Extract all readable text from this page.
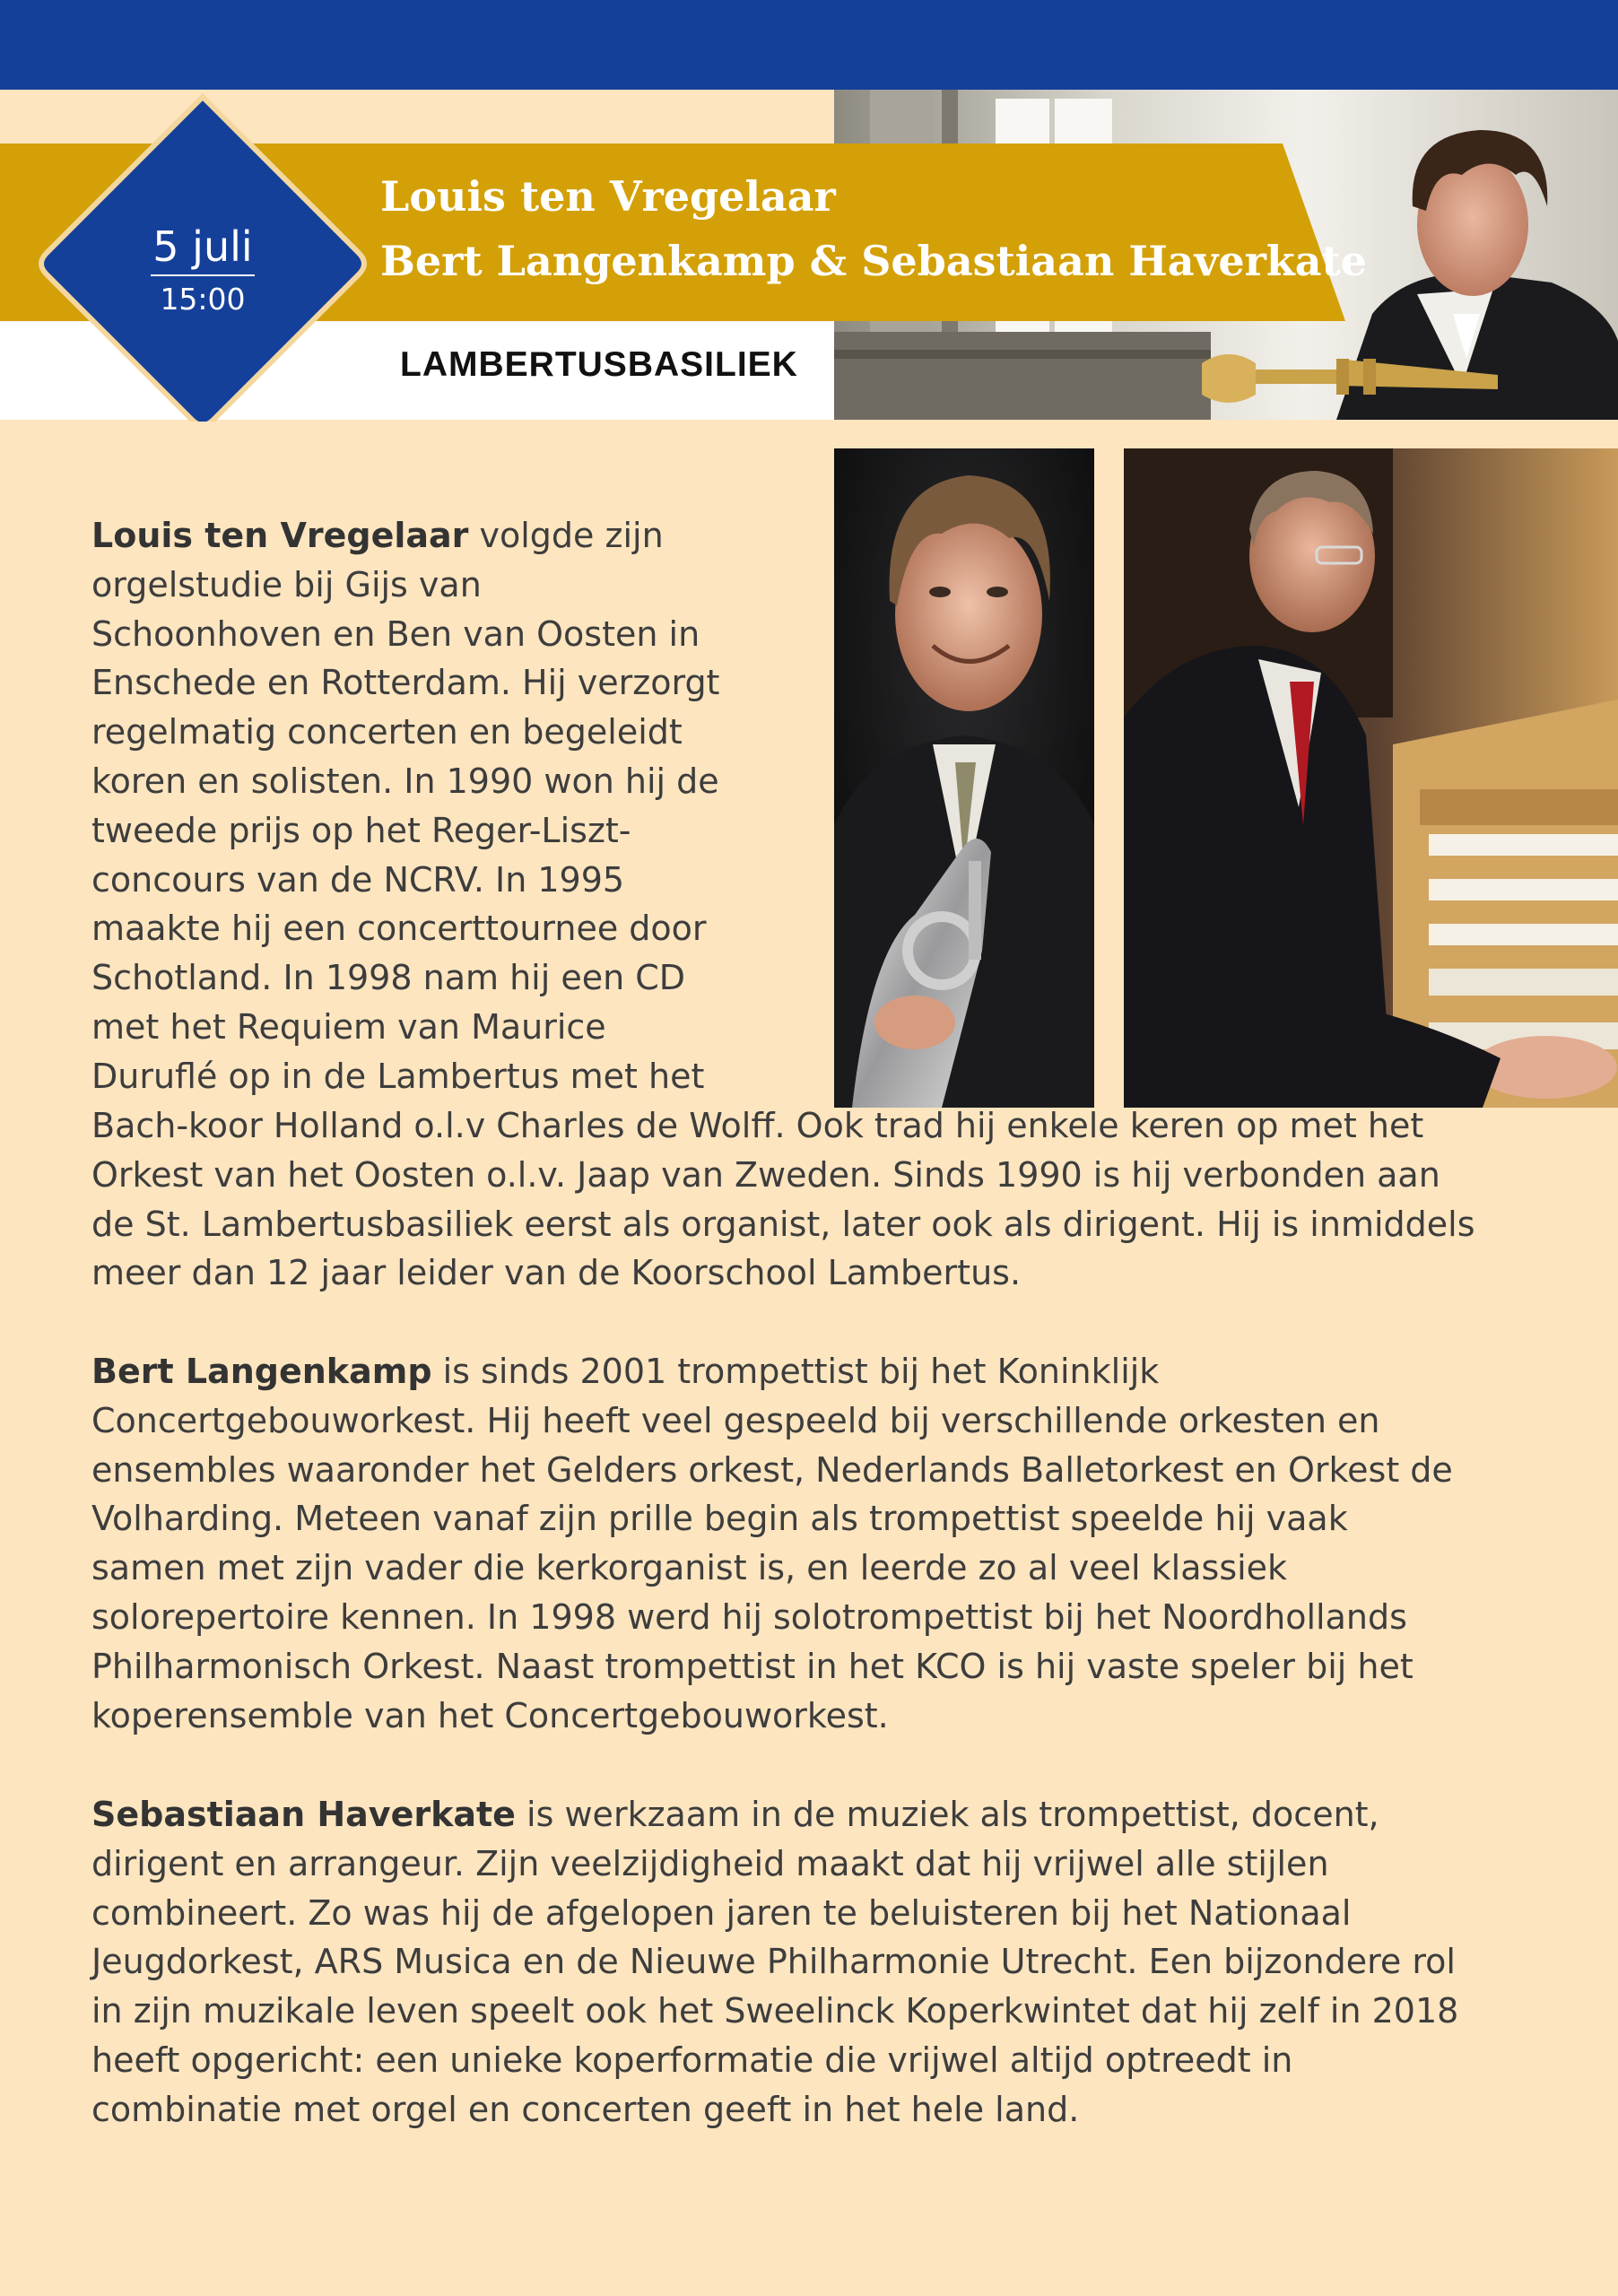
Louis ten Vregelaar
Bert Langenkamp & Sebastiaan Haverkate
LAMBERTUSBASILIEK
5 juli
15:00

Louis ten Vregelaar volgde zijn
orgelstudie bij Gijs van
Schoonhoven en Ben van Oosten in
Enschede en Rotterdam. Hij verzorgt
regelmatig concerten en begeleidt
koren en solisten. In 1990 won hij de
tweede prijs op het Reger-Liszt-
concours van de NCRV. In 1995
maakte hij een concerttournee door
Schotland. In 1998 nam hij een CD
met het Requiem van Maurice
Duruflé op in de Lambertus met het

Bach-koor Holland o.l.v Charles de Wolff. Ook trad hij enkele keren op met het
Orkest van het Oosten o.l.v. Jaap van Zweden. Sinds 1990 is hij verbonden aan
de St. Lambertusbasiliek eerst als organist, later ook als dirigent. Hij is inmiddels
meer dan 12 jaar leider van de Koorschool Lambertus.

Bert Langenkamp is sinds 2001 trompettist bij het Koninklijk
Concertgebouworkest. Hij heeft veel gespeeld bij verschillende orkesten en
ensembles waaronder het Gelders orkest, Nederlands Balletorkest en Orkest de
Volharding. Meteen vanaf zijn prille begin als trompettist speelde hij vaak
samen met zijn vader die kerkorganist is, en leerde zo al veel klassiek
solorepertoire kennen. In 1998 werd hij solotrompettist bij het Noordhollands
Philharmonisch Orkest. Naast trompettist in het KCO is hij vaste speler bij het
koperensemble van het Concertgebouworkest.

Sebastiaan Haverkate is werkzaam in de muziek als trompettist, docent,
dirigent en arrangeur. Zijn veelzijdigheid maakt dat hij vrijwel alle stijlen
combineert. Zo was hij de afgelopen jaren te beluisteren bij het Nationaal
Jeugdorkest, ARS Musica en de Nieuwe Philharmonie Utrecht. Een bijzondere rol
in zijn muzikale leven speelt ook het Sweelinck Koperkwintet dat hij zelf in 2018
heeft opgericht: een unieke koperformatie die vrijwel altijd optreedt in
combinatie met orgel en concerten geeft in het hele land.
